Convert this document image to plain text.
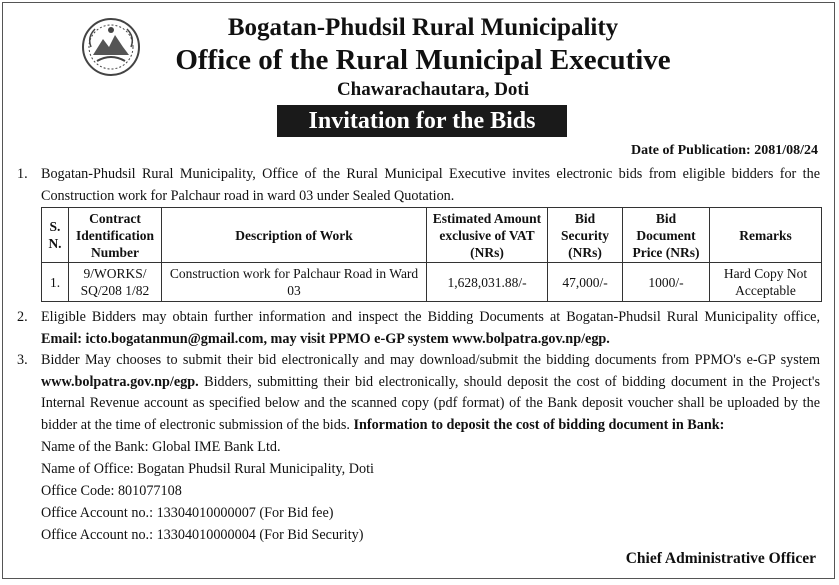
Bogatan-Phudsil Rural Municipality
Office of the Rural Municipal Executive
Chawarachautara, Doti
Invitation for the Bids
Date of Publication: 2081/08/24
1. Bogatan-Phudsil Rural Municipality, Office of the Rural Municipal Executive invites electronic bids from eligible bidders for the Construction work for Palchaur road in ward 03 under Sealed Quotation.
S. N.	Contract Identification Number	Description of Work	Estimated Amount exclusive of VAT (NRs)	Bid Security (NRs)	Bid Document Price (NRs)	Remarks
1.	9/WORKS/ SQ/208 1/82	Construction work for Palchaur Road in Ward 03	1,628,031.88/-	47,000/-	1000/-	Hard Copy Not Acceptable
2. Eligible Bidders may obtain further information and inspect the Bidding Documents at Bogatan-Phudsil Rural Municipality office, Email: icto.bogatanmun@gmail.com, may visit PPMO e-GP system www.bolpatra.gov.np/egp.
3. Bidder May chooses to submit their bid electronically and may download/submit the bidding documents from PPMO's e-GP system www.bolpatra.gov.np/egp. Bidders, submitting their bid electronically, should deposit the cost of bidding document in the Project's Internal Revenue account as specified below and the scanned copy (pdf format) of the Bank deposit voucher shall be uploaded by the bidder at the time of electronic submission of the bids. Information to deposit the cost of bidding document in Bank:
Name of the Bank: Global IME Bank Ltd.
Name of Office: Bogatan Phudsil Rural Municipality, Doti
Office Code: 801077108
Office Account no.: 13304010000007 (For Bid fee)
Office Account no.: 13304010000004 (For Bid Security)
Chief Administrative Officer
